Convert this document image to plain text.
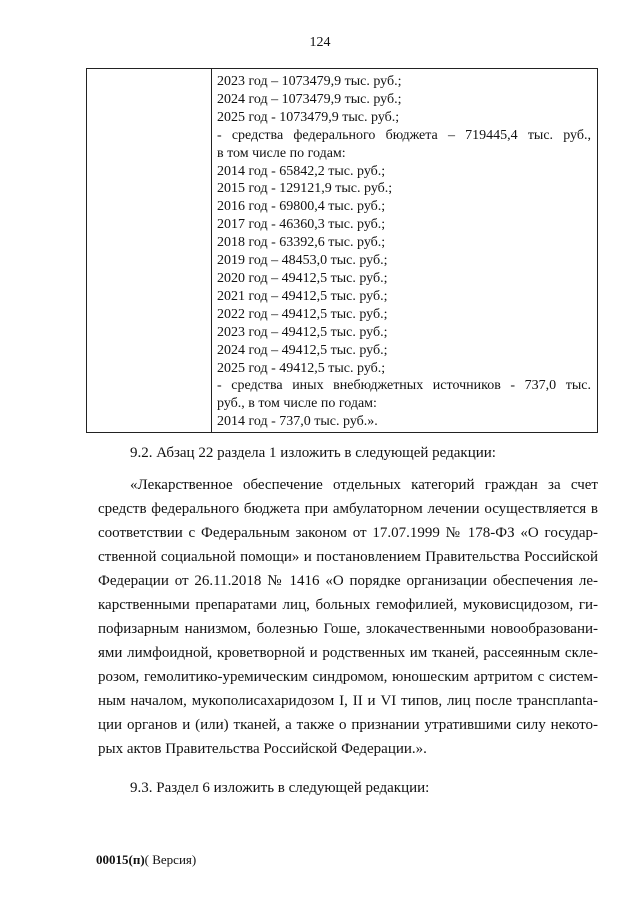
124
2023 год – 1073479,9 тыс. руб.;
2024 год – 1073479,9 тыс. руб.;
2025 год - 1073479,9 тыс. руб.;
- средства федерального бюджета – 719445,4 тыс. руб.,
в том числе по годам:
2014 год - 65842,2 тыс. руб.;
2015 год - 129121,9 тыс. руб.;
2016 год - 69800,4 тыс. руб.;
2017 год - 46360,3 тыс. руб.;
2018 год - 63392,6 тыс. руб.;
2019 год – 48453,0 тыс. руб.;
2020 год – 49412,5 тыс. руб.;
2021 год – 49412,5 тыс. руб.;
2022 год – 49412,5 тыс. руб.;
2023 год – 49412,5 тыс. руб.;
2024 год – 49412,5 тыс. руб.;
2025 год - 49412,5 тыс. руб.;
- средства иных внебюджетных источников - 737,0 тыс.
руб., в том числе по годам:
2014 год - 737,0 тыс. руб.».
9.2. Абзац 22 раздела 1 изложить в следующей редакции:
«Лекарственное обеспечение отдельных категорий граждан за счет
средств федерального бюджета при амбулаторном лечении осуществляется в
соответствии с Федеральным законом от 17.07.1999 № 178-ФЗ «О государ-
ственной социальной помощи» и постановлением Правительства Российской
Федерации от 26.11.2018 № 1416 «О порядке организации обеспечения ле-
карственными препаратами лиц, больных гемофилией, муковисцидозом, ги-
пофизарным нанизмом, болезнью Гоше, злокачественными новообразовани-
ями лимфоидной, кроветворной и родственных им тканей, рассеянным скле-
розом, гемолитико-уремическим синдромом, юношеским артритом с систем-
ным началом, мукополисахаридозом I, II и VI типов, лиц после трансплanta-
ции органов и (или) тканей, а также о признании утратившими силу некото-
рых актов Правительства Российской Федерации.».
9.3. Раздел 6 изложить в следующей редакции:
00015(п)( Версия)
